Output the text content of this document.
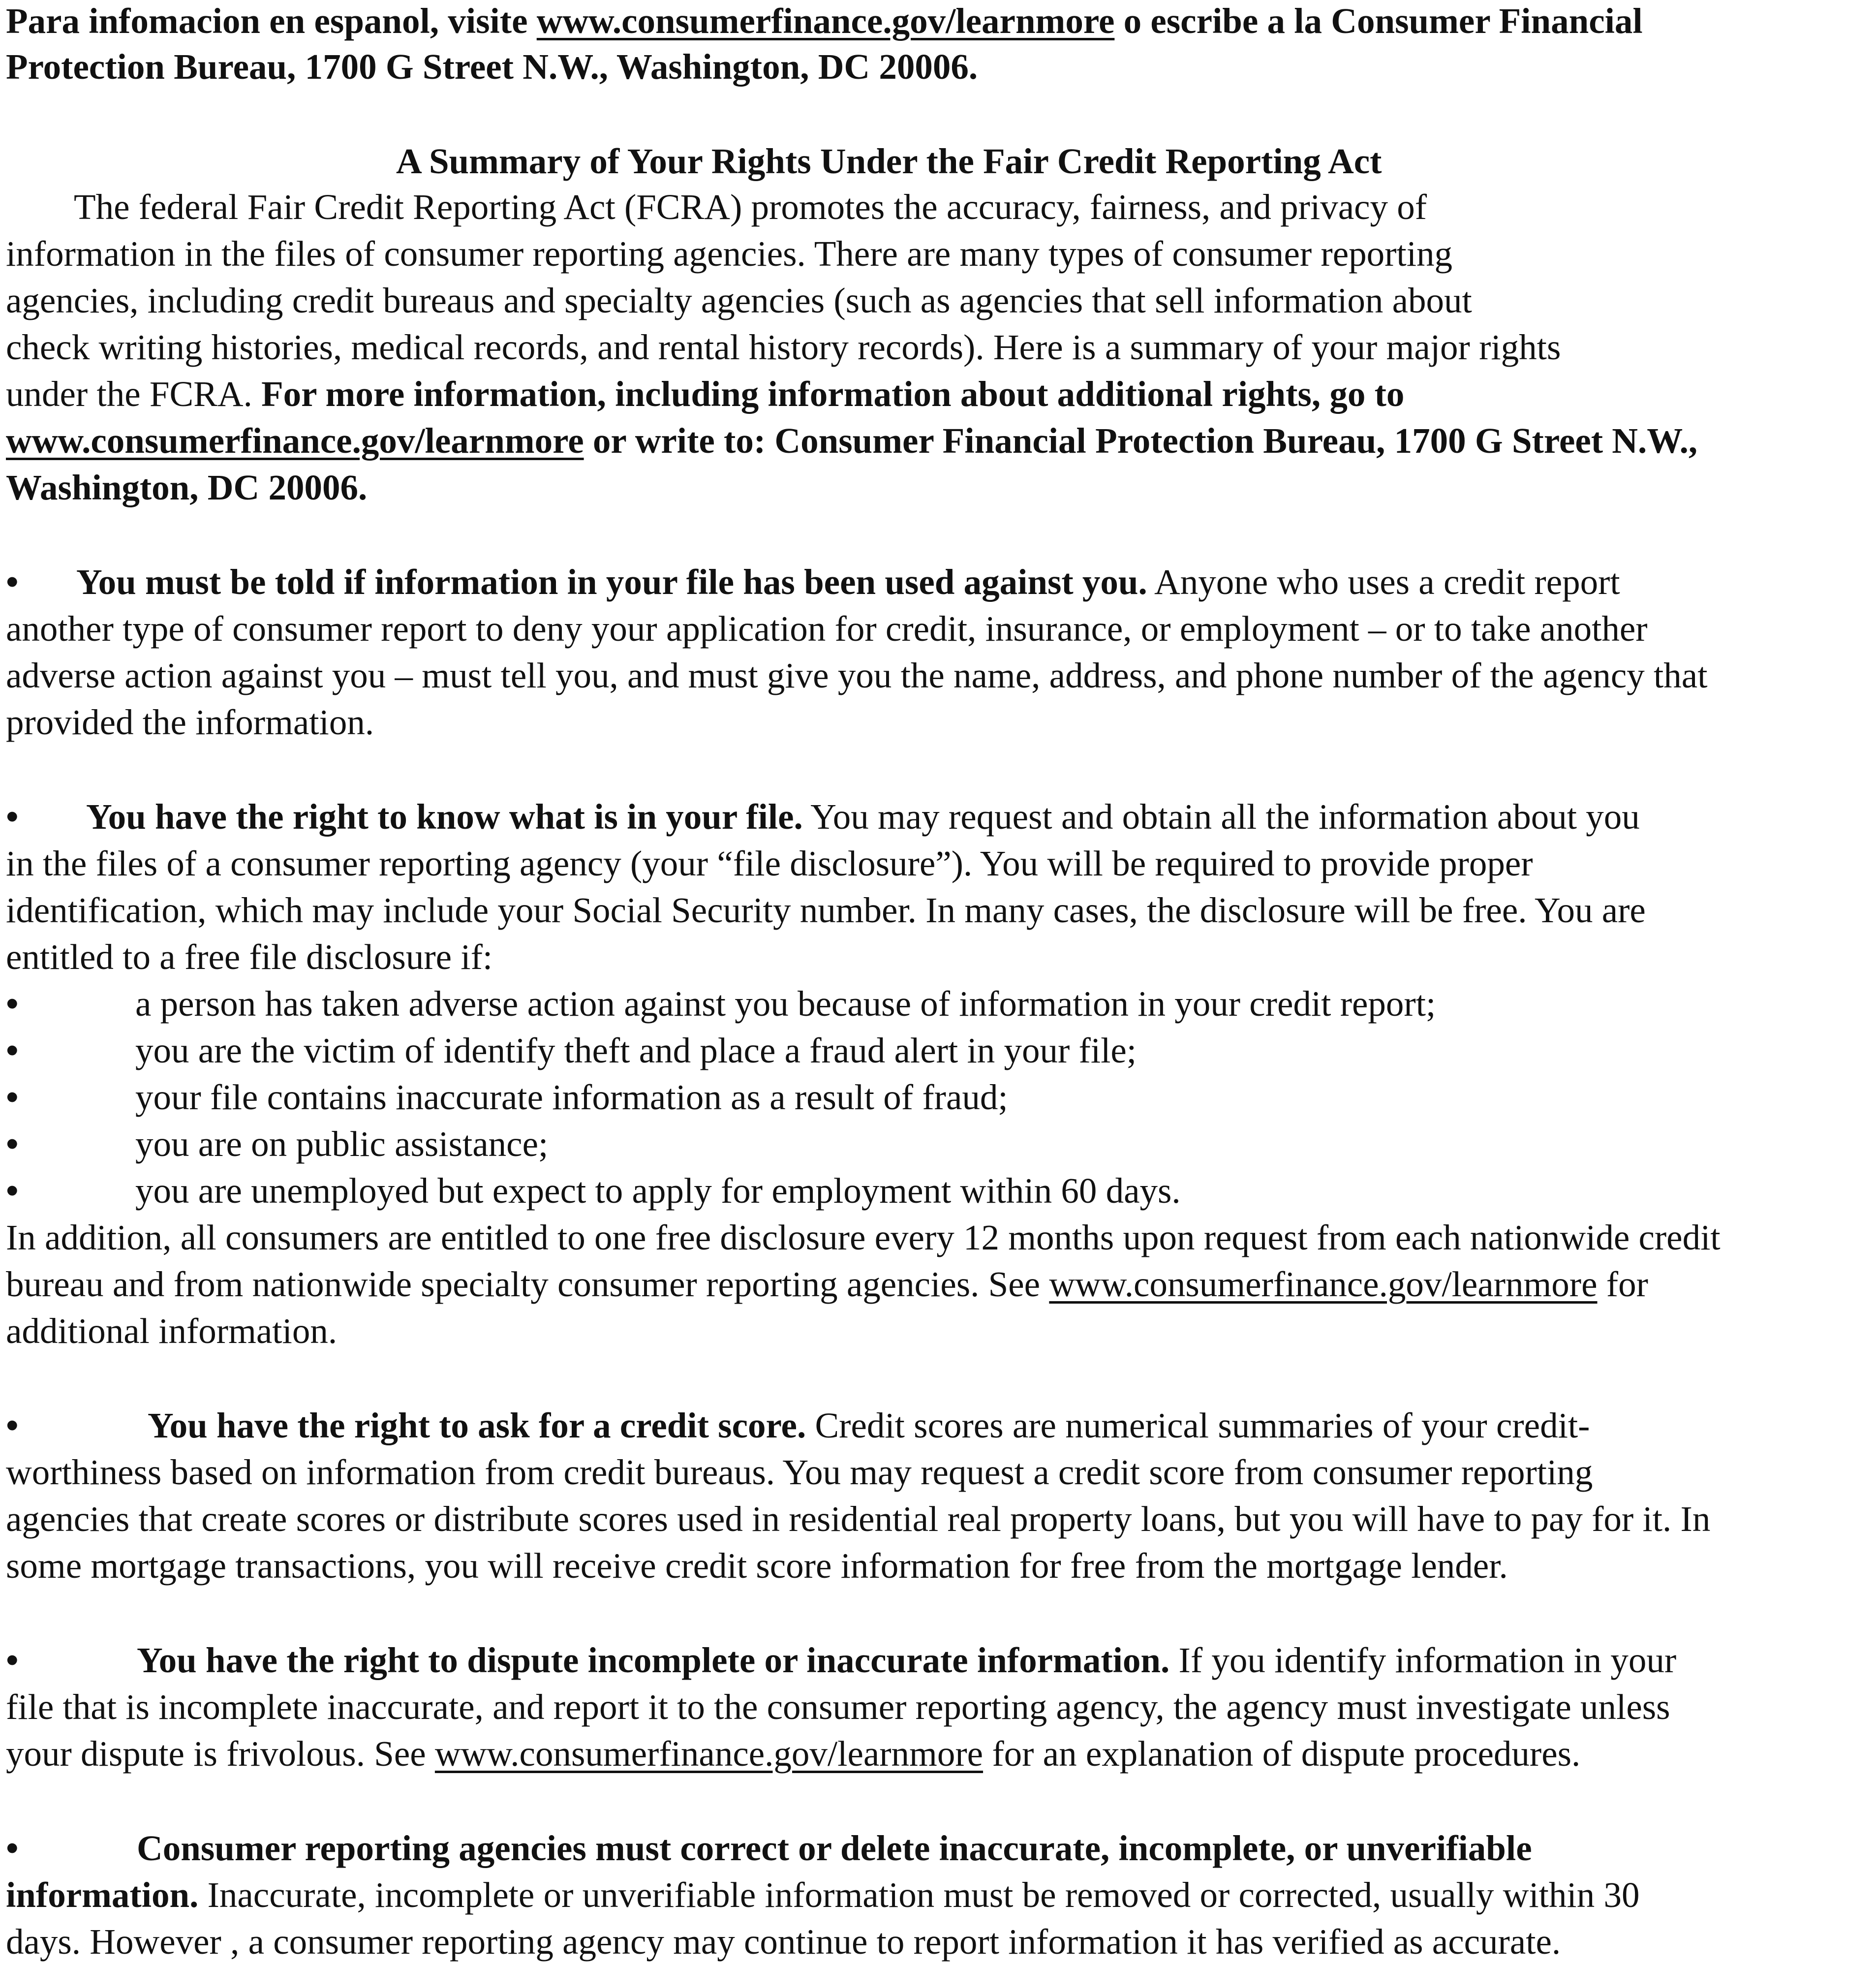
Para infomacion en espanol, visite www.consumerfinance.gov/learnmore o escribe a la Consumer Financial
Protection Bureau, 1700 G Street N.W., Washington, DC 20006.
A Summary of Your Rights Under the Fair Credit Reporting Act
The federal Fair Credit Reporting Act (FCRA) promotes the accuracy, fairness, and privacy of
information in the files of consumer reporting agencies. There are many types of consumer reporting
agencies, including credit bureaus and specialty agencies (such as agencies that sell information about
check writing histories, medical records, and rental history records). Here is a summary of your major rights
under the FCRA. For more information, including information about additional rights, go to
www.consumerfinance.gov/learnmore or write to: Consumer Financial Protection Bureau, 1700 G Street N.W.,
Washington, DC 20006.
• You must be told if information in your file has been used against you. Anyone who uses a credit report
another type of consumer report to deny your application for credit, insurance, or employment – or to take another
adverse action against you – must tell you, and must give you the name, address, and phone number of the agency that
provided the information.
• You have the right to know what is in your file. You may request and obtain all the information about you
in the files of a consumer reporting agency (your “file disclosure”). You will be required to provide proper
identification, which may include your Social Security number. In many cases, the disclosure will be free. You are
entitled to a free file disclosure if:
•	a person has taken adverse action against you because of information in your credit report;
•	you are the victim of identify theft and place a fraud alert in your file;
•	your file contains inaccurate information as a result of fraud;
•	you are on public assistance;
•	you are unemployed but expect to apply for employment within 60 days.
In addition, all consumers are entitled to one free disclosure every 12 months upon request from each nationwide credit
bureau and from nationwide specialty consumer reporting agencies. See www.consumerfinance.gov/learnmore for
additional information.
•	You have the right to ask for a credit score. Credit scores are numerical summaries of your credit-
worthiness based on information from credit bureaus. You may request a credit score from consumer reporting
agencies that create scores or distribute scores used in residential real property loans, but you will have to pay for it. In
some mortgage transactions, you will receive credit score information for free from the mortgage lender.
•	You have the right to dispute incomplete or inaccurate information. If you identify information in your
file that is incomplete inaccurate, and report it to the consumer reporting agency, the agency must investigate unless
your dispute is frivolous. See www.consumerfinance.gov/learnmore for an explanation of dispute procedures.
•	Consumer reporting agencies must correct or delete inaccurate, incomplete, or unverifiable
information. Inaccurate, incomplete or unverifiable information must be removed or corrected, usually within 30
days. However , a consumer reporting agency may continue to report information it has verified as accurate.
